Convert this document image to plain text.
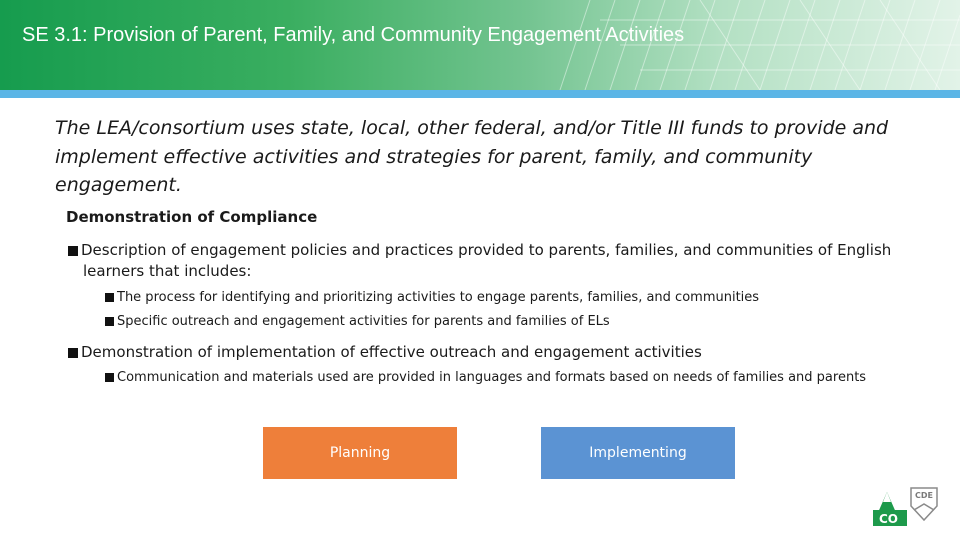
SE 3.1: Provision of Parent, Family, and Community Engagement Activities
The LEA/consortium uses state, local, other federal, and/or Title III funds to provide and implement effective activities and strategies for parent, family, and community engagement.
Demonstration of Compliance
Description of engagement policies and practices provided to parents, families, and communities of English learners that includes:
The process for identifying and prioritizing activities to engage parents, families, and communities
Specific outreach and engagement activities for parents and families of ELs
Demonstration of implementation of effective outreach and engagement activities
Communication and materials used are provided in languages and formats based on needs of families and parents
Planning	Implementing
CO
CDE
